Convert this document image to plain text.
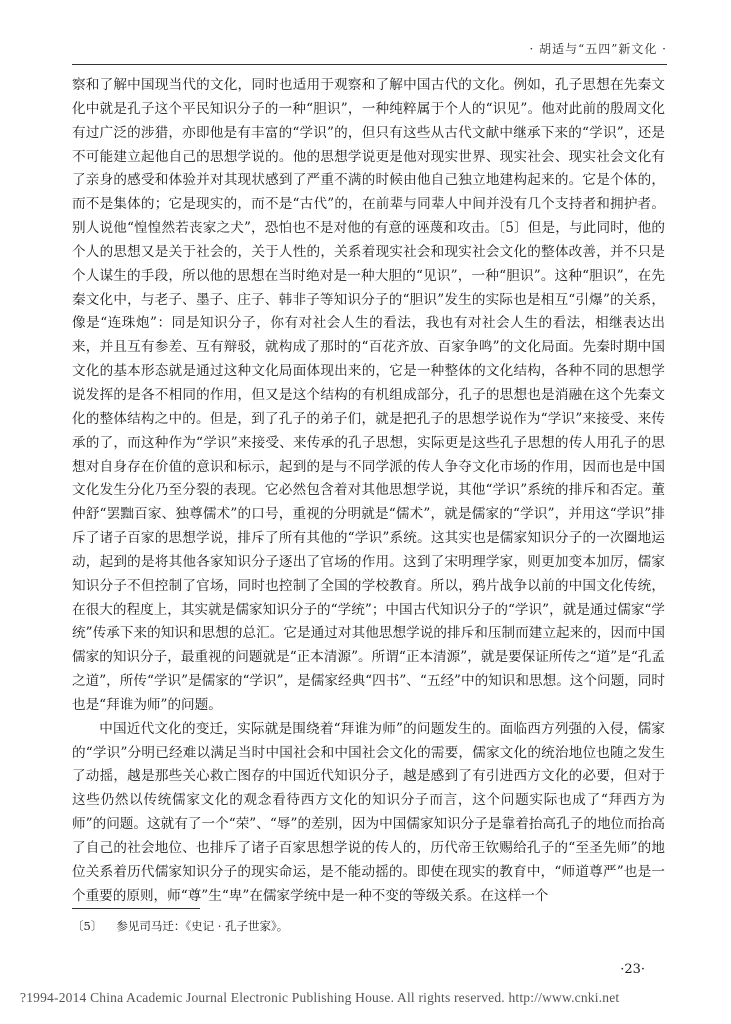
· 胡适与“五四”新文化 ·

察和了解中国现当代的文化，同时也适用于观察和了解中国古代的文化。例如，孔子思想在先秦文化中就是孔子这个平民知识分子的一种“胆识”，一种纯粹属于个人的“识见”。他对此前的殷周文化有过广泛的涉猎，亦即他是有丰富的“学识”的，但只有这些从古代文献中继承下来的“学识”，还是不可能建立起他自己的思想学说的。他的思想学说更是他对现实世界、现实社会、现实社会文化有了亲身的感受和体验并对其现状感到了严重不满的时候由他自己独立地建构起来的。它是个体的，而不是集体的；它是现实的，而不是“古代”的，在前辈与同辈人中间并没有几个支持者和拥护者。别人说他“惶惶然若丧家之犬”，恐怕也不是对他的有意的诬蔑和攻击。〔5〕但是，与此同时，他的个人的思想又是关于社会的，关于人性的，关系着现实社会和现实社会文化的整体改善，并不只是个人谋生的手段，所以他的思想在当时绝对是一种大胆的“见识”，一种“胆识”。这种“胆识”，在先秦文化中，与老子、墨子、庄子、韩非子等知识分子的“胆识”发生的实际也是相互“引爆”的关系，像是“连珠炮”：同是知识分子，你有对社会人生的看法，我也有对社会人生的看法，相继表达出来，并且互有参差、互有辩驳，就构成了那时的“百花齐放、百家争鸣”的文化局面。先秦时期中国文化的基本形态就是通过这种文化局面体现出来的，它是一种整体的文化结构，各种不同的思想学说发挥的是各不相同的作用，但又是这个结构的有机组成部分，孔子的思想也是消融在这个先秦文化的整体结构之中的。但是，到了孔子的弟子们，就是把孔子的思想学说作为“学识”来接受、来传承的了，而这种作为“学识”来接受、来传承的孔子思想，实际更是这些孔子思想的传人用孔子的思想对自身存在价值的意识和标示，起到的是与不同学派的传人争夺文化市场的作用，因而也是中国文化发生分化乃至分裂的表现。它必然包含着对其他思想学说，其他“学识”系统的排斥和否定。董仲舒“罢黜百家、独尊儒术”的口号，重视的分明就是“儒术”，就是儒家的“学识”，并用这“学识”排斥了诸子百家的思想学说，排斥了所有其他的“学识”系统。这其实也是儒家知识分子的一次圈地运动，起到的是将其他各家知识分子逐出了官场的作用。这到了宋明理学家，则更加变本加厉，儒家知识分子不但控制了官场，同时也控制了全国的学校教育。所以，鸦片战争以前的中国文化传统，在很大的程度上，其实就是儒家知识分子的“学统”；中国古代知识分子的“学识”，就是通过儒家“学统”传承下来的知识和思想的总汇。它是通过对其他思想学说的排斥和压制而建立起来的，因而中国儒家的知识分子，最重视的问题就是“正本清源”。所谓“正本清源”，就是要保证所传之“道”是“孔孟之道”，所传“学识”是儒家的“学识”，是儒家经典“四书”、“五经”中的知识和思想。这个问题，同时也是“拜谁为师”的问题。

中国近代文化的变迁，实际就是围绕着“拜谁为师”的问题发生的。面临西方列强的入侵，儒家的“学识”分明已经难以满足当时中国社会和中国社会文化的需要，儒家文化的统治地位也随之发生了动摇，越是那些关心救亡图存的中国近代知识分子，越是感到了有引进西方文化的必要，但对于这些仍然以传统儒家文化的观念看待西方文化的知识分子而言，这个问题实际也成了“拜西方为师”的问题。这就有了一个“荣”、“辱”的差别，因为中国儒家知识分子是靠着抬高孔子的地位而抬高了自己的社会地位、也排斥了诸子百家思想学说的传人的，历代帝王钦赐给孔子的“至圣先师”的地位关系着历代儒家知识分子的现实命运，是不能动摇的。即使在现实的教育中，“师道尊严”也是一个重要的原则，师“尊”生“卑”在儒家学统中是一种不变的等级关系。在这样一个

〔5〕 参见司马迁：《史记 · 孔子世家》。
·23·
?1994-2014 China Academic Journal Electronic Publishing House. All rights reserved. http://www.cnki.net
